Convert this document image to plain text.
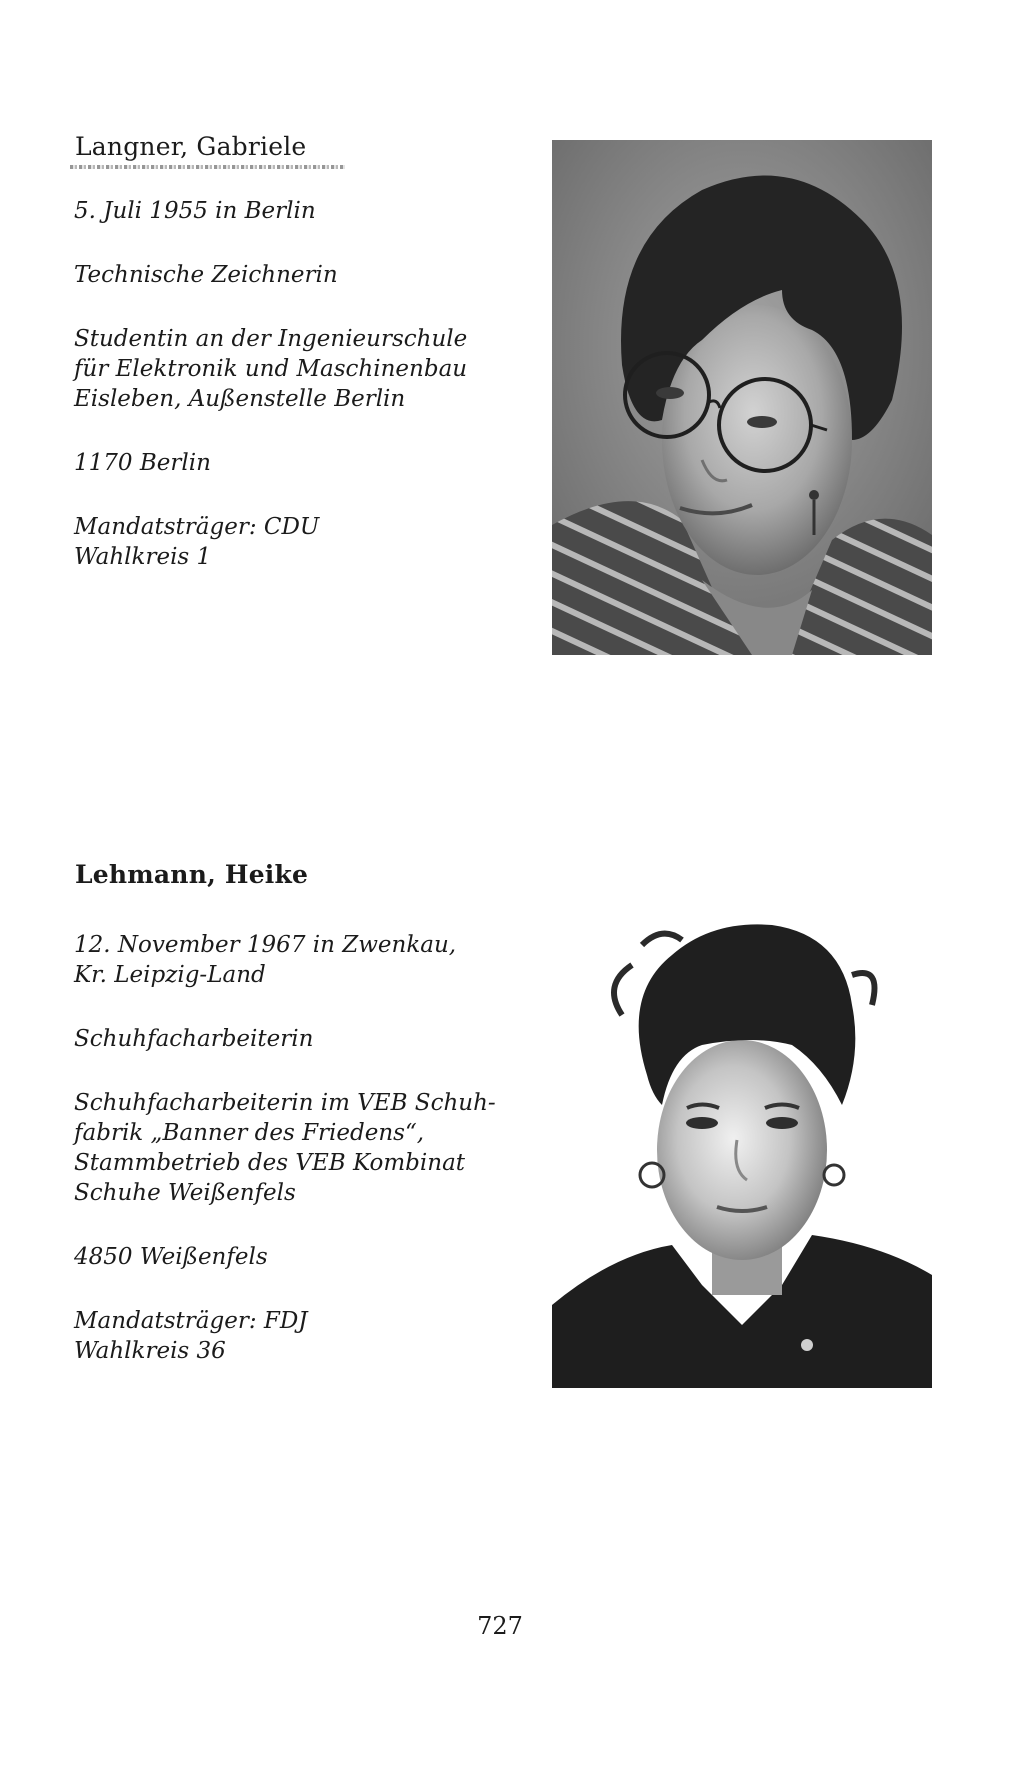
Langner, Gabriele

5. Juli 1955 in Berlin

Technische Zeichnerin

Studentin an der Ingenieurschule
für Elektronik und Maschinenbau
Eisleben, Außenstelle Berlin

1170 Berlin

Mandatsträger: CDU
Wahlkreis 1

Lehmann, Heike

12. November 1967 in Zwenkau,
Kr. Leipzig-Land

Schuhfacharbeiterin

Schuhfacharbeiterin im VEB Schuh-
fabrik „Banner des Friedens“,
Stammbetrieb des VEB Kombinat
Schuhe Weißenfels

4850 Weißenfels

Mandatsträger: FDJ
Wahlkreis 36

727
